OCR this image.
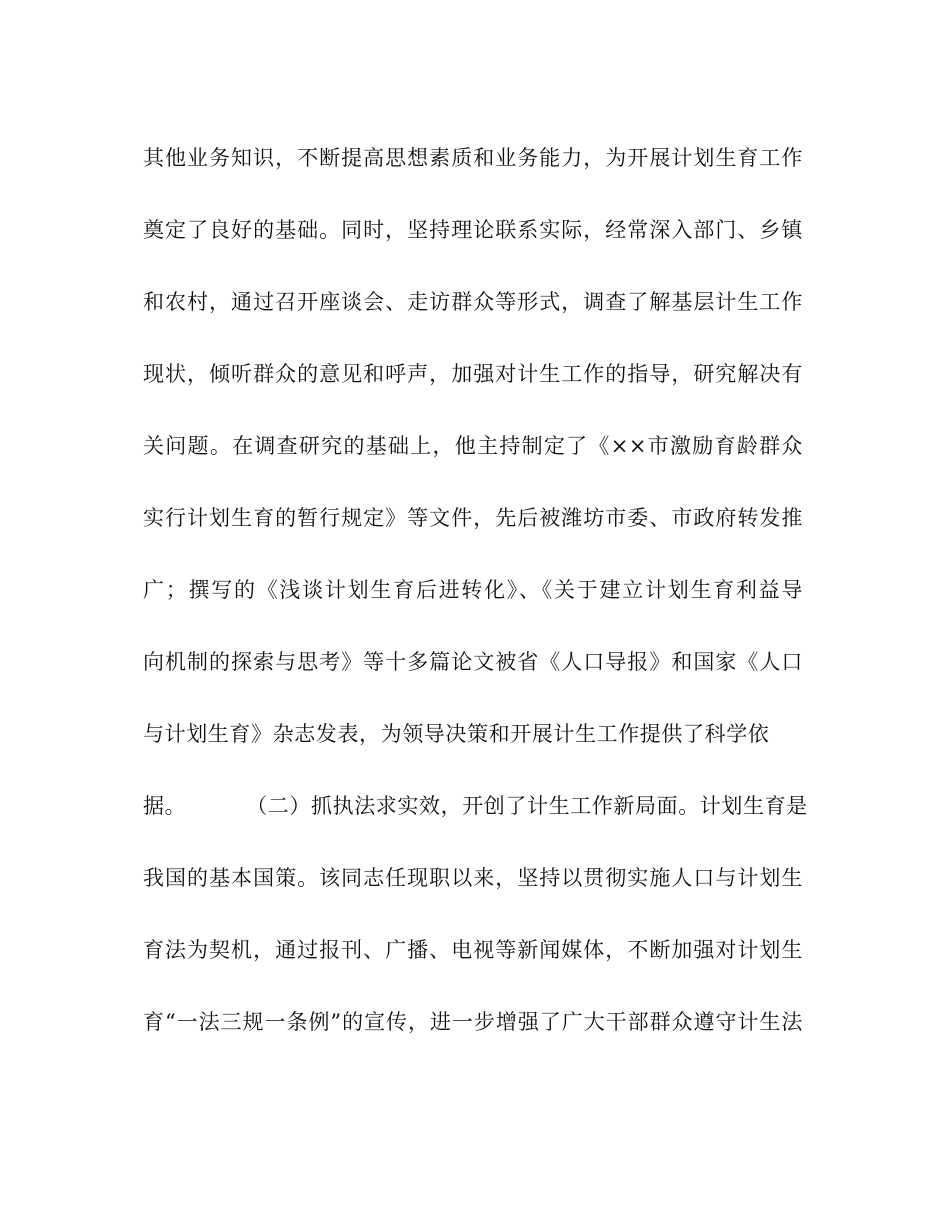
其他业务知识，不断提高思想素质和业务能力，为开展计划生育工作
奠定了良好的基础。同时，坚持理论联系实际，经常深入部门、乡镇
和农村，通过召开座谈会、走访群众等形式，调查了解基层计生工作
现状，倾听群众的意见和呼声，加强对计生工作的指导，研究解决有
关问题。在调查研究的基础上，他主持制定了《××市激励育龄群众
实行计划生育的暂行规定》等文件，先后被潍坊市委、市政府转发推
广；撰写的《浅谈计划生育后进转化》、《关于建立计划生育利益导
向机制的探索与思考》等十多篇论文被省《人口导报》和国家《人口
与计划生育》杂志发表，为领导决策和开展计生工作提供了科学依
据。	（二）抓执法求实效，开创了计生工作新局面。计划生育是
我国的基本国策。该同志任现职以来，坚持以贯彻实施人口与计划生
育法为契机，通过报刊、广播、电视等新闻媒体，不断加强对计划生
育“一法三规一条例”的宣传，进一步增强了广大干部群众遵守计生法
